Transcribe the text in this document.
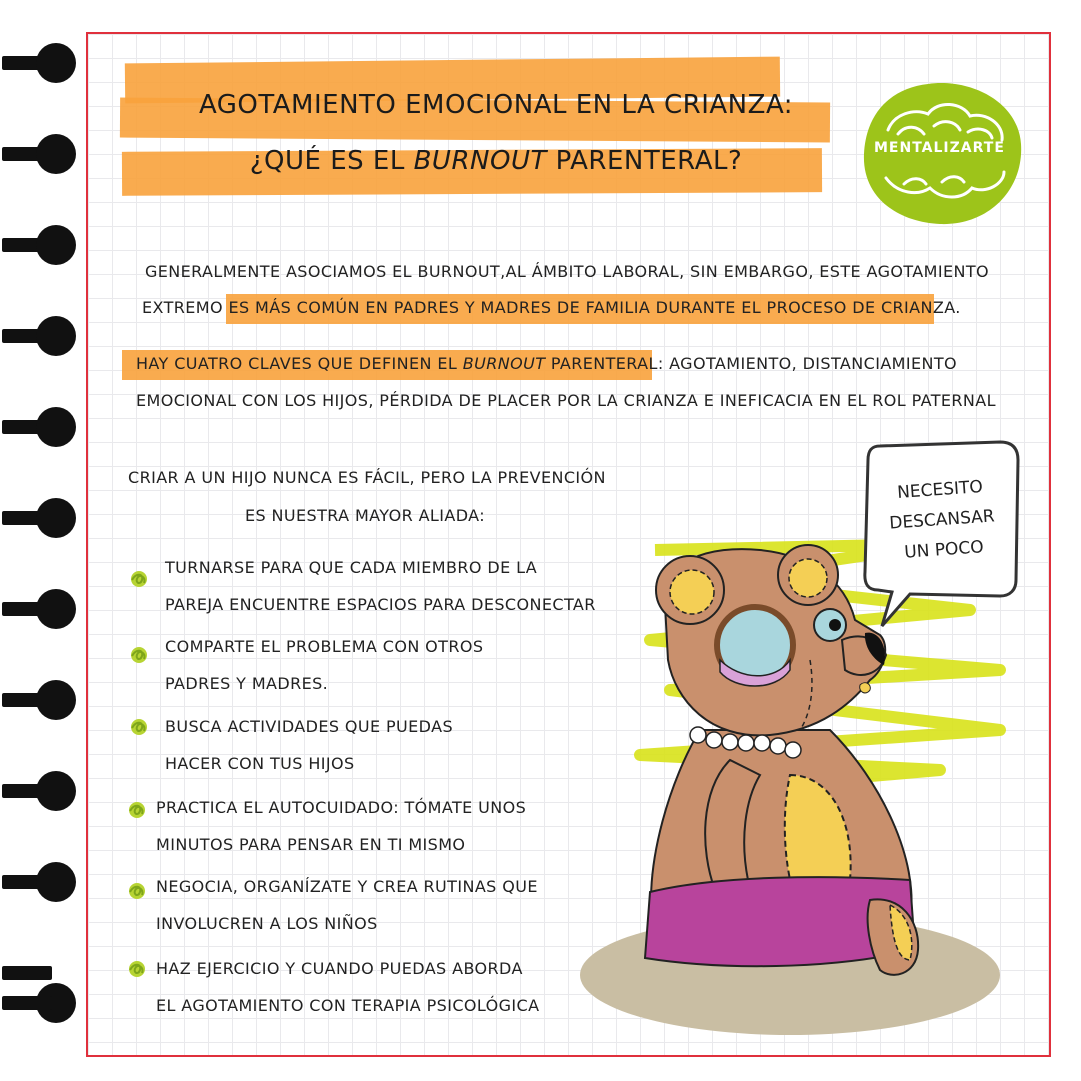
AGOTAMIENTO EMOCIONAL EN LA CRIANZA:
¿QUÉ ES EL BURNOUT PARENTERAL?	MENTALIZARTE
GENERALMENTE ASOCIAMOS EL BURNOUT,AL ÁMBITO LABORAL, SIN EMBARGO, ESTE AGOTAMIENTO
EXTREMO ES MÁS COMÚN EN PADRES Y MADRES DE FAMILIA DURANTE EL PROCESO DE CRIANZA.
HAY CUATRO CLAVES QUE DEFINEN EL BURNOUT PARENTERAL: AGOTAMIENTO, DISTANCIAMIENTO
EMOCIONAL CON LOS HIJOS, PÉRDIDA DE PLACER POR LA CRIANZA E INEFICACIA EN EL ROL PATERNAL
CRIAR A UN HIJO NUNCA ES FÁCIL, PERO LA PREVENCIÓN
ES NUESTRA MAYOR ALIADA:
TURNARSE PARA QUE CADA MIEMBRO DE LA
PAREJA ENCUENTRE ESPACIOS PARA DESCONECTAR
COMPARTE EL PROBLEMA CON OTROS
PADRES Y MADRES.
BUSCA ACTIVIDADES QUE PUEDAS
HACER CON TUS HIJOS
PRACTICA EL AUTOCUIDADO: TÓMATE UNOS
MINUTOS PARA PENSAR EN TI MISMO
NEGOCIA, ORGANÍZATE Y CREA RUTINAS QUE
INVOLUCREN A LOS NIÑOS
HAZ EJERCICIO Y CUANDO PUEDAS ABORDA
EL AGOTAMIENTO CON TERAPIA PSICOLÓGICA
NECESITO
DESCANSAR
UN POCO
